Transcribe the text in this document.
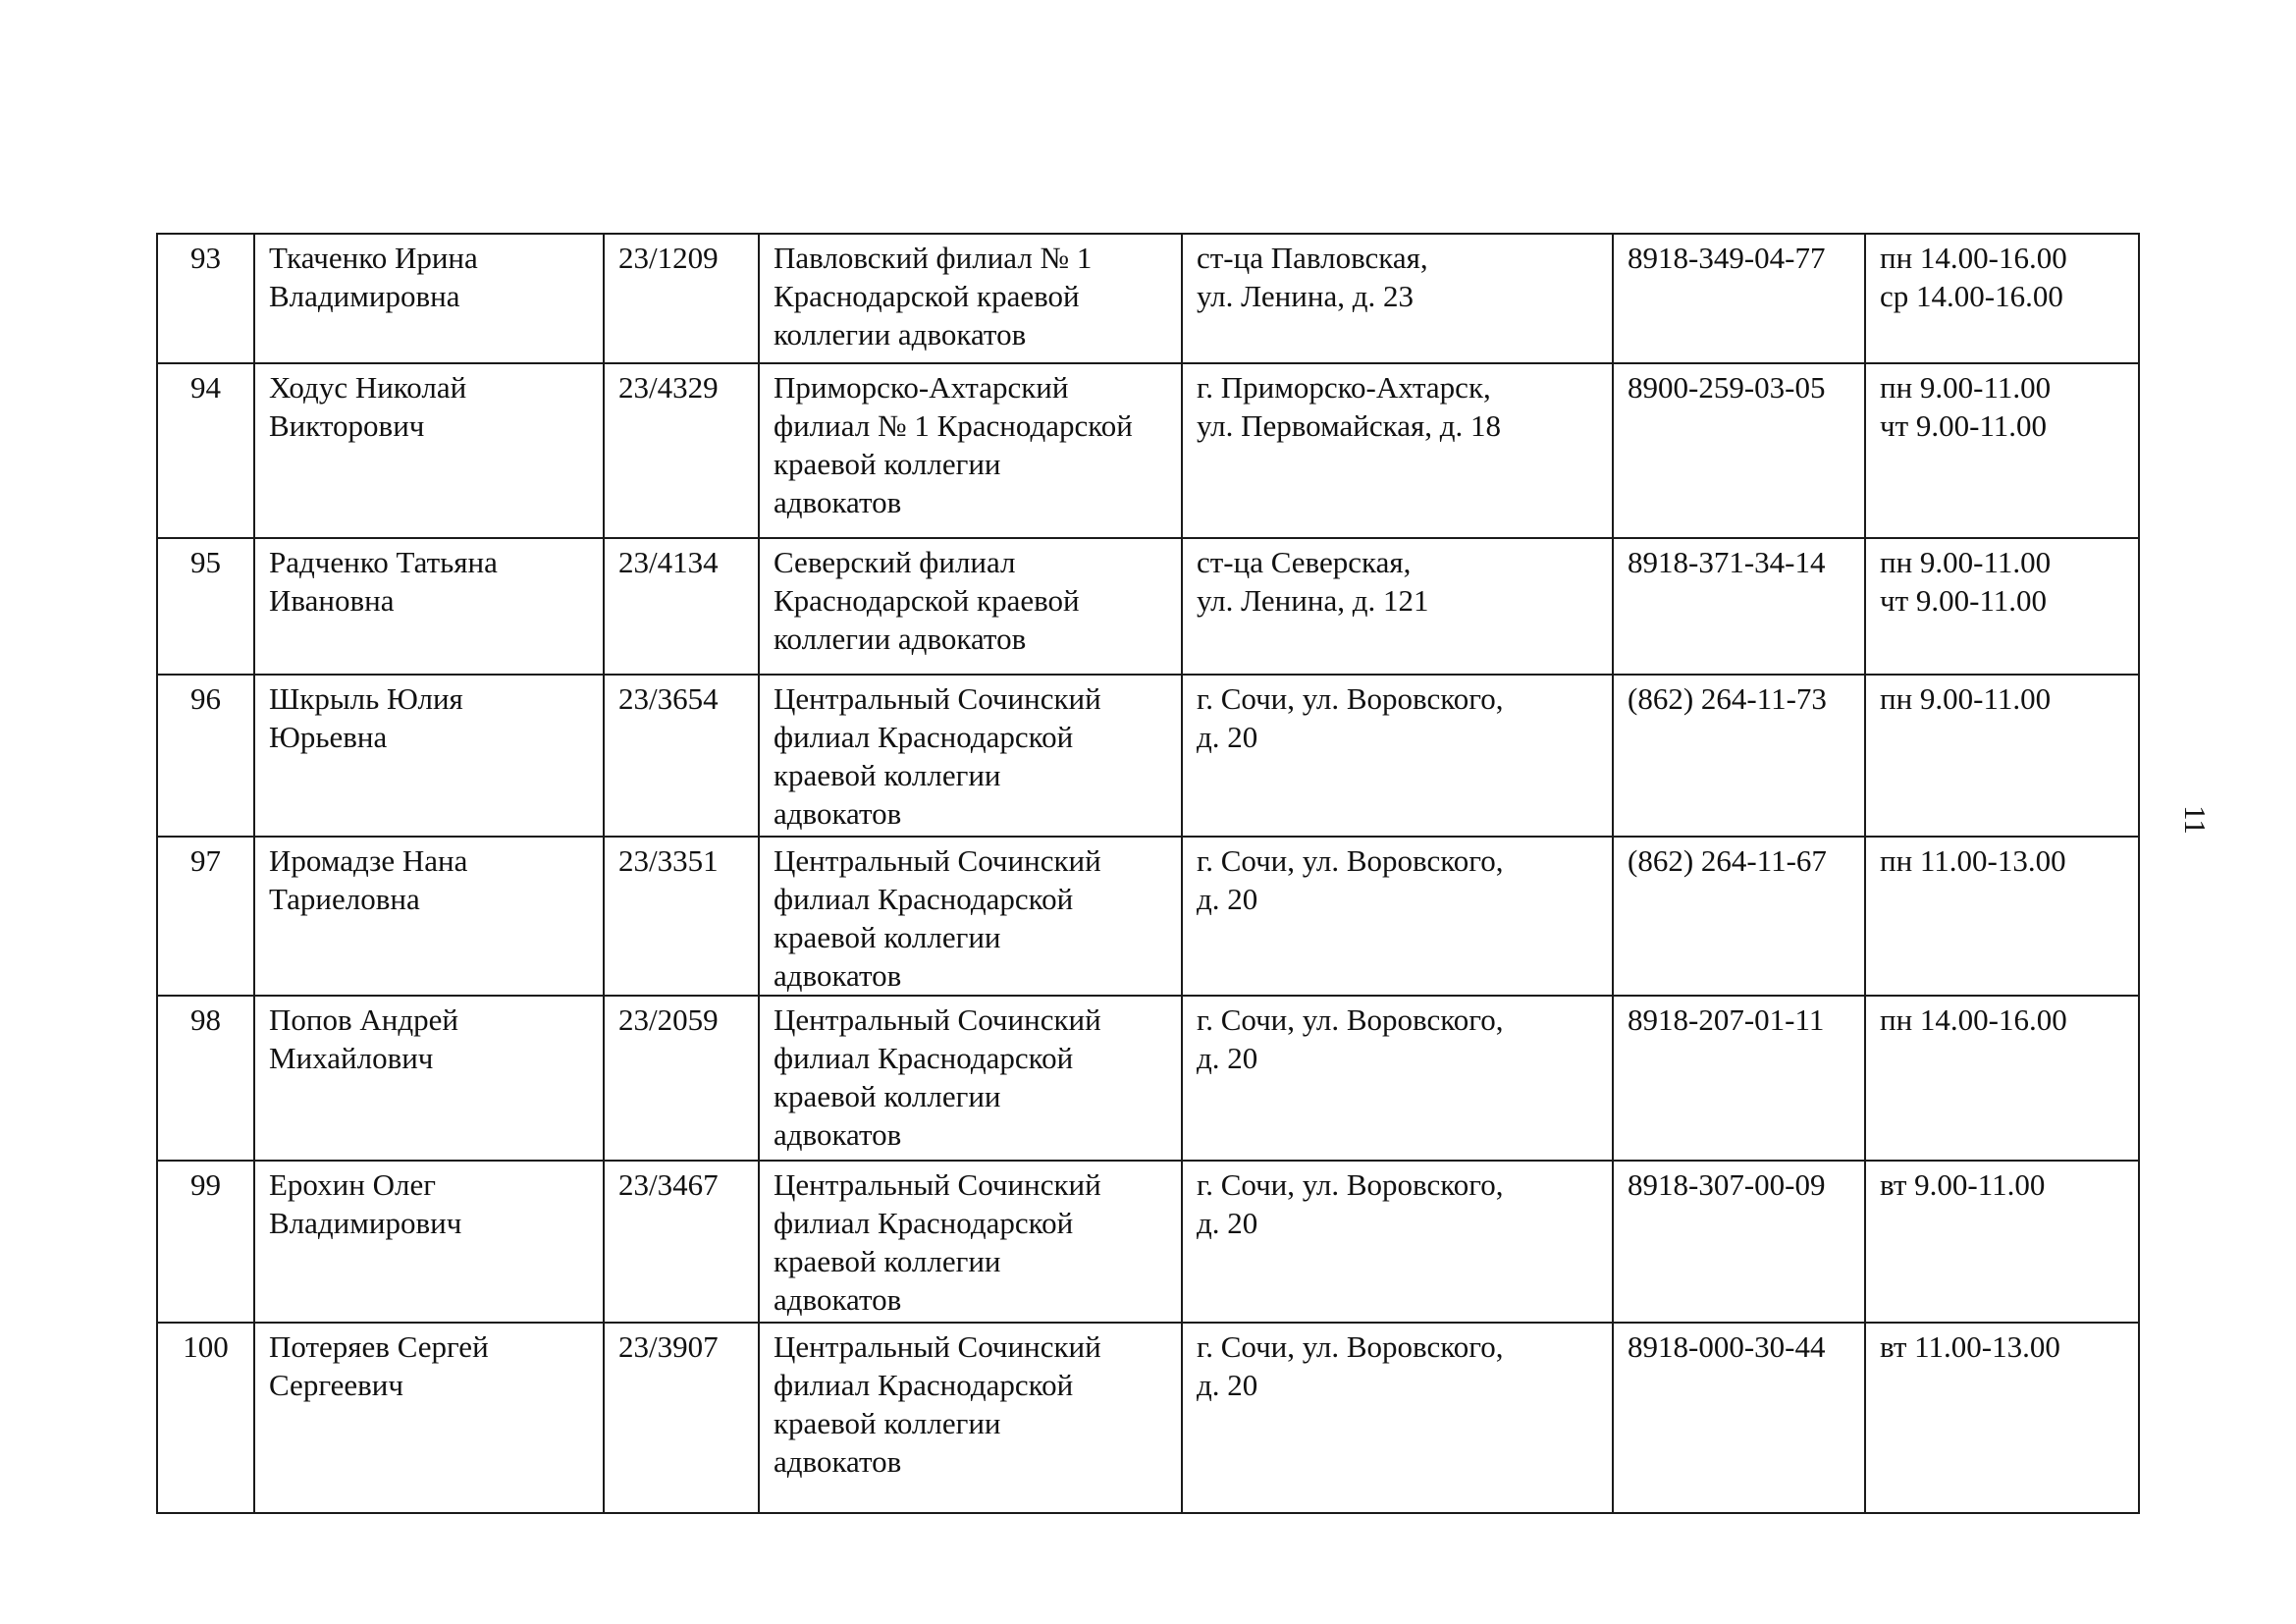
93	Ткаченко Ирина
Владимировна	23/1209	Павловский филиал № 1
Краснодарской краевой
коллегии адвокатов	ст-ца Павловская,
ул. Ленина, д. 23	8918-349-04-77	пн 14.00-16.00
ср 14.00-16.00

94	Ходус Николай
Викторович	23/4329	Приморско-Ахтарский
филиал № 1 Краснодарской
краевой коллегии
адвокатов	г. Приморско-Ахтарск,
ул. Первомайская, д. 18	8900-259-03-05	пн 9.00-11.00
чт 9.00-11.00

95	Радченко Татьяна
Ивановна	23/4134	Северский филиал
Краснодарской краевой
коллегии адвокатов	ст-ца Северская,
ул. Ленина, д. 121	8918-371-34-14	пн 9.00-11.00
чт 9.00-11.00

96	Шкрыль Юлия
Юрьевна	23/3654	Центральный Сочинский
филиал Краснодарской
краевой коллегии
адвокатов	г. Сочи, ул. Воровского,
д. 20	(862) 264-11-73	пн 9.00-11.00

97	Иромадзе Нана
Тариеловна	23/3351	Центральный Сочинский
филиал Краснодарской
краевой коллегии
адвокатов	г. Сочи, ул. Воровского,
д. 20	(862) 264-11-67	пн 11.00-13.00

98	Попов Андрей
Михайлович	23/2059	Центральный Сочинский
филиал Краснодарской
краевой коллегии
адвокатов	г. Сочи, ул. Воровского,
д. 20	8918-207-01-11	пн 14.00-16.00

99	Ерохин Олег
Владимирович	23/3467	Центральный Сочинский
филиал Краснодарской
краевой коллегии
адвокатов	г. Сочи, ул. Воровского,
д. 20	8918-307-00-09	вт 9.00-11.00

100	Потеряев Сергей
Сергеевич	23/3907	Центральный Сочинский
филиал Краснодарской
краевой коллегии
адвокатов	г. Сочи, ул. Воровского,
д. 20	8918-000-30-44	вт 11.00-13.00
11
